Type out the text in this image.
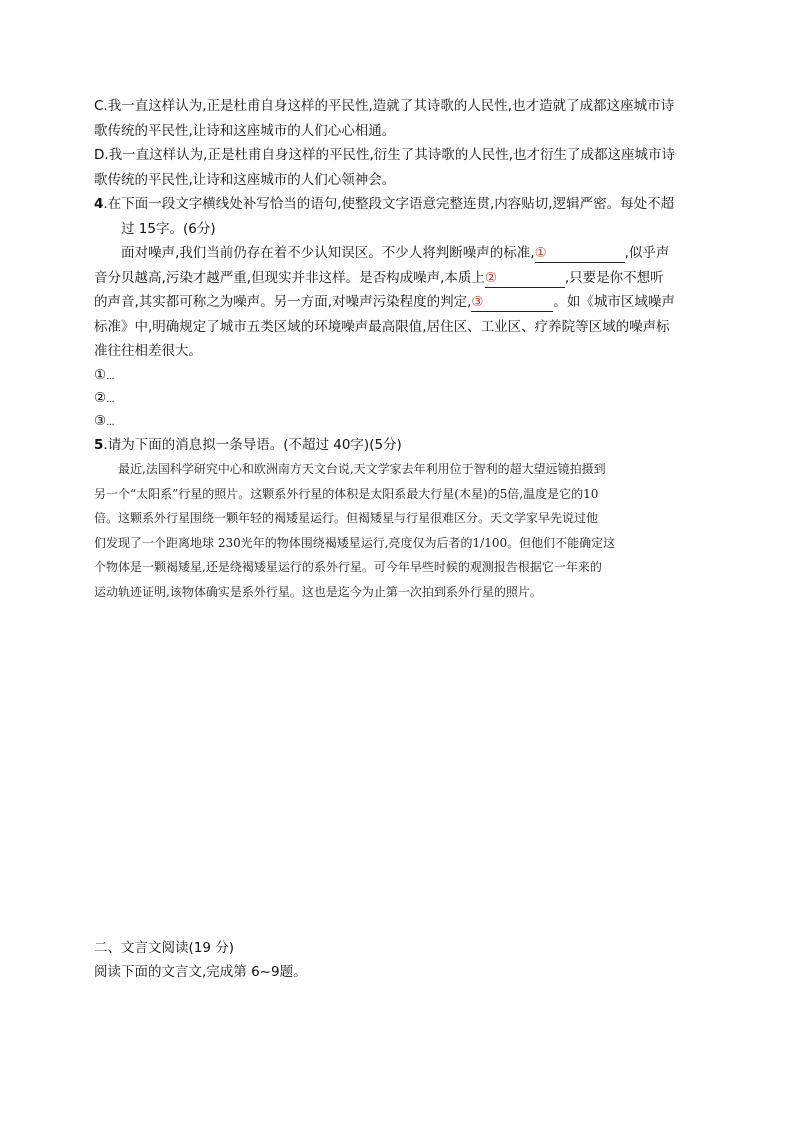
C.我一直这样认为,正是杜甫自身这样的平民性,造就了其诗歌的人民性,也才造就了成都这座城市诗
歌传统的平民性,让诗和这座城市的人们心心相通。
D.我一直这样认为,正是杜甫自身这样的平民性,衍生了其诗歌的人民性,也才衍生了成都这座城市诗
歌传统的平民性,让诗和这座城市的人们心领神会。
4.在下面一段文字横线处补写恰当的语句,使整段文字语意完整连贯,内容贴切,逻辑严密。每处不超
过 15字。(6分)
面对噪声,我们当前仍存在着不少认知误区。不少人将判断噪声的标准,①	,似乎声
音分贝越高,污染才越严重,但现实并非这样。是否构成噪声,本质上②	,只要是你不想听
的声音,其实都可称之为噪声。另一方面,对噪声污染程度的判定,③	。如《城市区域噪声
标准》中,明确规定了城市五类区域的环境噪声最高限值,居住区、工业区、疗养院等区域的噪声标
准往往相差很大。
①...
②...
③...
5.请为下面的消息拟一条导语。(不超过 40字)(5分)
最近,法国科学研究中心和欧洲南方天文台说,天文学家去年利用位于智利的超大望远镜拍摄到
另一个“太阳系”行星的照片。这颗系外行星的体积是太阳系最大行星(木星)的5倍,温度是它的10
倍。这颗系外行星围绕一颗年轻的褐矮星运行。但褐矮星与行星很难区分。天文学家早先说过他
们发现了一个距离地球 230光年的物体围绕褐矮星运行,亮度仅为后者的1/100。但他们不能确定这
个物体是一颗褐矮星,还是绕褐矮星运行的系外行星。可今年早些时候的观测报告根据它一年来的
运动轨迹证明,该物体确实是系外行星。这也是迄今为止第一次拍到系外行星的照片。
二、文言文阅读(19 分)
阅读下面的文言文,完成第 6~9题。
